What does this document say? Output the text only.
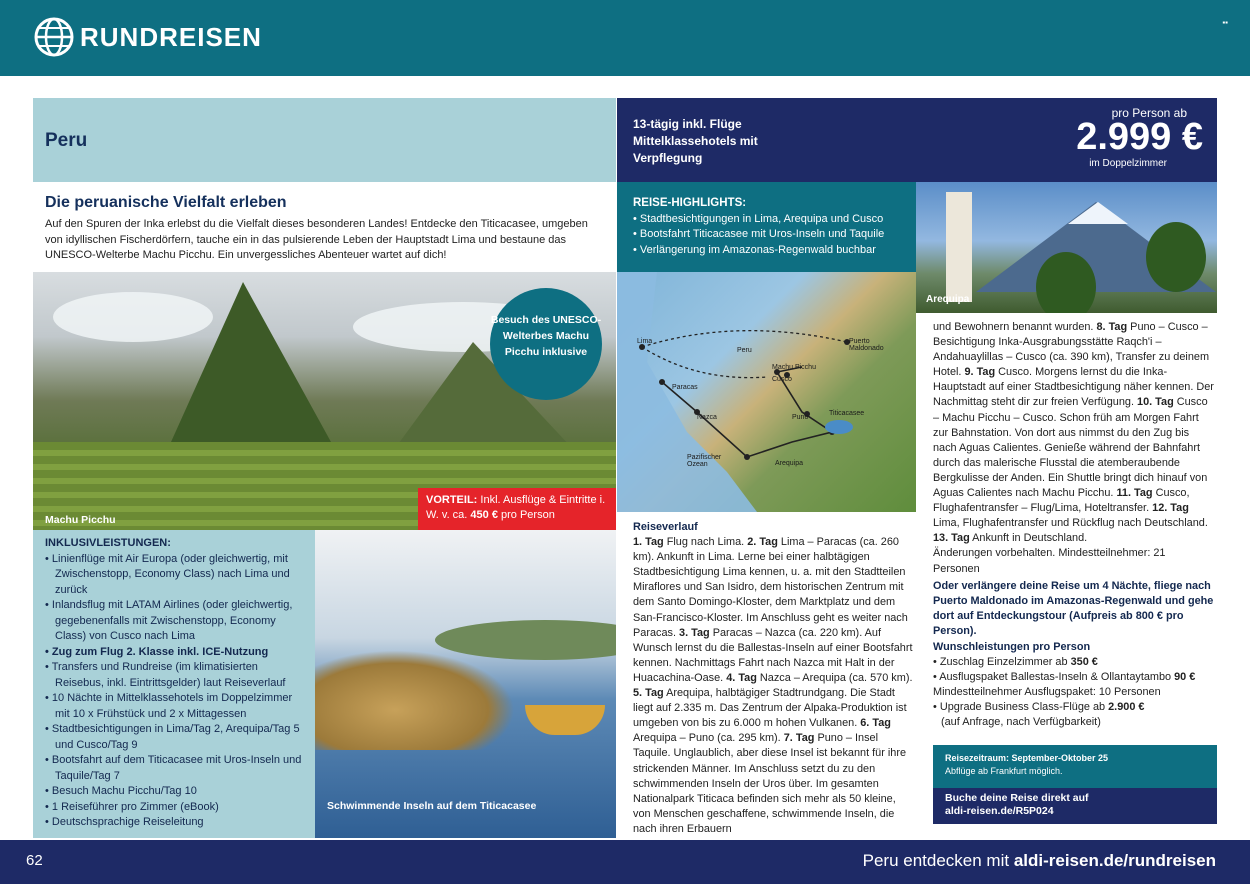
RUNDREISEN	▪▪
Peru
13-tägig inkl. Flüge Mittelklassehotels mit Verpflegung
pro Person ab
2.999 €
im Doppelzimmer
Die peruanische Vielfalt erleben
Auf den Spuren der Inka erlebst du die Vielfalt dieses besonderen Landes! Entdecke den Titicacasee, umgeben von idyllischen Fischerdörfern, tauche ein in das pulsierende Leben der Hauptstadt Lima und bestaune das UNESCO-Welterbe Machu Picchu. Ein unvergessliches Abenteuer wartet auf dich!
REISE-HIGHLIGHTS:
• Stadtbesichtigungen in Lima, Arequipa und Cusco
• Bootsfahrt Titicacasee mit Uros-Inseln und Taquile
• Verlängerung im Amazonas-Regenwald buchbar
Arequipa
Machu Picchu
Besuch des UNESCO-Welterbes Machu Picchu inklusive
VORTEIL: Inkl. Ausflüge & Eintritte i. W. v. ca. 450 € pro Person
Lima
Peru
Puerto Maldonado
Machu Picchu
Cusco
Paracas
Nazca
Titicacasee
Puno
Arequipa
Pazifischer Ozean
INKLUSIVLEISTUNGEN:
• Linienflüge mit Air Europa (oder gleichwertig, mit Zwischenstopp, Economy Class) nach Lima und zurück
• Inlandsflug mit LATAM Airlines (oder gleichwertig, gegebenenfalls mit Zwischenstopp, Economy Class) von Cusco nach Lima
• Zug zum Flug 2. Klasse inkl. ICE-Nutzung
• Transfers und Rundreise (im klimatisierten Reisebus, inkl. Eintrittsgelder) laut Reiseverlauf
• 10 Nächte in Mittelklassehotels im Doppelzimmer mit 10 x Frühstück und 2 x Mittagessen
• Stadtbesichtigungen in Lima/Tag 2, Arequipa/Tag 5 und Cusco/Tag 9
• Bootsfahrt auf dem Titicacasee mit Uros-Inseln und Taquile/Tag 7
• Besuch Machu Picchu/Tag 10
• 1 Reiseführer pro Zimmer (eBook)
• Deutschsprachige Reiseleitung
Schwimmende Inseln auf dem Titicacasee
Reiseverlauf
1. Tag Flug nach Lima. 2. Tag Lima – Paracas (ca. 260 km). Ankunft in Lima. Lerne bei einer halbtägigen Stadtbesichtigung Lima kennen, u. a. mit den Stadtteilen Miraflores und San Isidro, dem historischen Zentrum mit dem Santo Domingo-Kloster, dem Marktplatz und dem San-Francisco-Kloster. Im Anschluss geht es weiter nach Paracas. 3. Tag Paracas – Nazca (ca. 220 km). Auf Wunsch lernst du die Ballestas-Inseln auf einer Bootsfahrt kennen. Nachmittags Fahrt nach Nazca mit Halt in der Huacachina-Oase. 4. Tag Nazca – Arequipa (ca. 570 km). 5. Tag Arequipa, halbtägiger Stadtrundgang. Die Stadt liegt auf 2.335 m. Das Zentrum der Alpaka-Produktion ist umgeben von bis zu 6.000 m hohen Vulkanen. 6. Tag Arequipa – Puno (ca. 295 km). 7. Tag Puno – Insel Taquile. Unglaublich, aber diese Insel ist bekannt für ihre strickenden Männer. Im Anschluss setzt du zu den schwimmenden Inseln der Uros über. Im gesamten Nationalpark Titicaca befinden sich mehr als 50 kleine, von Menschen geschaffene, schwimmende Inseln, die nach ihren Erbauern
und Bewohnern benannt wurden. 8. Tag Puno – Cusco – Besichtigung Inka-Ausgrabungsstätte Raqch'i – Andahuaylillas – Cusco (ca. 390 km), Transfer zu deinem Hotel. 9. Tag Cusco. Morgens lernst du die Inka-Hauptstadt auf einer Stadtbesichtigung näher kennen. Der Nachmittag steht dir zur freien Verfügung. 10. Tag Cusco – Machu Picchu – Cusco. Schon früh am Morgen Fahrt zur Bahnstation. Von dort aus nimmst du den Zug bis nach Aguas Calientes. Genieße während der Bahnfahrt durch das malerische Flusstal die atemberaubende Bergkulisse der Anden. Ein Shuttle bringt dich hinauf von Aguas Calientes nach Machu Picchu. 11. Tag Cusco, Flughafentransfer – Flug/Lima, Hoteltransfer. 12. Tag Lima, Flughafentransfer und Rückflug nach Deutschland. 13. Tag Ankunft in Deutschland.
Änderungen vorbehalten. Mindestteilnehmer: 21 Personen
Oder verlängere deine Reise um 4 Nächte, fliege nach Puerto Maldonado im Amazonas-Regenwald und gehe dort auf Entdeckungstour (Aufpreis ab 800 € pro Person).
Wunschleistungen pro Person
• Zuschlag Einzelzimmer ab 350 €
• Ausflugspaket Ballestas-Inseln & Ollantaytambo 90 €
Mindestteilnehmer Ausflugspaket: 10 Personen
• Upgrade Business Class-Flüge ab 2.900 €
(auf Anfrage, nach Verfügbarkeit)
Reisezeitraum: September-Oktober 25
Abflüge ab Frankfurt möglich.
Buche deine Reise direkt auf
aldi-reisen.de/R5P024
62	Peru entdecken mit aldi-reisen.de/rundreisen
